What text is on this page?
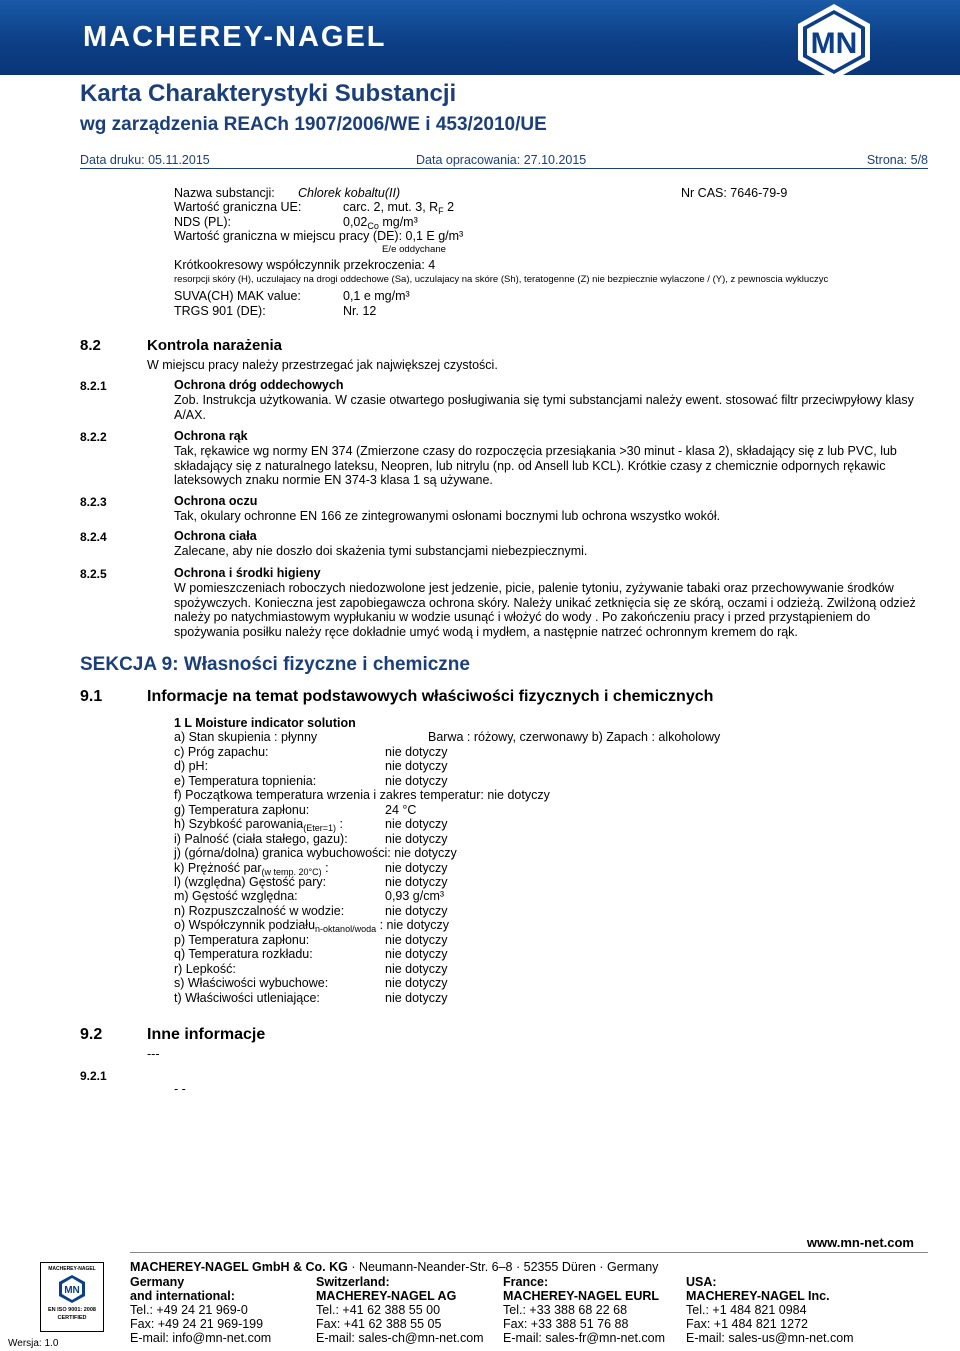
MACHEREY-NAGEL	MN
Karta Charakterystyki Substancji
wg zarządzenia REACh 1907/2006/WE i 453/2010/UE
Data druku: 05.11.2015	Data opracowania: 27.10.2015	Strona: 5/8
Nazwa substancji: Chlorek kobaltu(II)	Nr CAS: 7646-79-9
Wartość graniczna UE:	carc. 2, mut. 3, $R_F$ 2
NDS (PL):	$0,02_{Co}$ mg/m³
Wartość graniczna w miejscu pracy (DE): 0,1 E g/m³
E/e oddychane
Krótkookresowy współczynnik przekroczenia: 4
resorpcji skóry (H), uczulajacy na drogi oddechowe (Sa), uczulajacy na skóre (Sh), teratogenne (Z) nie bezpiecznie wylaczone / (Y), z pewnoscia wykluczyc
SUVA(CH) MAK value:	0,1 e mg/m³
TRGS 901 (DE):	Nr. 12
8.2	Kontrola narażenia
W miejscu pracy należy przestrzegać jak największej czystości.
8.2.1	Ochrona dróg oddechowych
Zob. Instrukcja użytkowania. W czasie otwartego posługiwania się tymi substancjami należy ewent. stosować filtr przeciwpyłowy klasy A/AX.
8.2.2	Ochrona rąk
Tak, rękawice wg normy EN 374 (Zmierzone czasy do rozpoczęcia przesiąkania >30 minut - klasa 2), składający się z lub PVC, lub składający się z naturalnego lateksu, Neopren, lub nitrylu (np. od Ansell lub KCL). Krótkie czasy z chemicznie odpornych rękawic lateksowych znaku normie EN 374-3 klasa 1 są używane.
8.2.3	Ochrona oczu
Tak, okulary ochronne EN 166 ze zintegrowanymi osłonami bocznymi lub ochrona wszystko wokół.
8.2.4	Ochrona ciała
Zalecane, aby nie doszło doi skażenia tymi substancjami niebezpiecznymi.
8.2.5	Ochrona i środki higieny
W pomieszczeniach roboczych niedozwolone jest jedzenie, picie, palenie tytoniu, zyżywanie tabaki oraz przechowywanie środków spożywczych. Konieczna jest zapobiegawcza ochrona skóry. Należy unikać zetknięcia się ze skórą, oczami i odzieżą. Zwilżoną odzież należy po natychmiastowym wypłukaniu w wodzie usunąć i włożyć do wody . Po zakończeniu pracy i przed przystąpieniem do spożywania posiłku należy ręce dokładnie umyć wodą i mydłem, a następnie natrzeć ochronnym kremem do rąk.
SEKCJA 9: Własności fizyczne i chemiczne
9.1	Informacje na temat podstawowych właściwości fizycznych i chemicznych
1 L Moisture indicator solution
a) Stan skupienia : płynny	Barwa : różowy, czerwonawy b) Zapach : alkoholowy
c) Próg zapachu:	nie dotyczy
d) pH:	nie dotyczy
e) Temperatura topnienia:	nie dotyczy
f) Początkowa temperatura wrzenia i zakres temperatur: nie dotyczy
g) Temperatura zapłonu:	24 °C
h) Szybkość parowania$_{(Eter=1)}$ :	nie dotyczy
i) Palność (ciała stałego, gazu):	nie dotyczy
j) (górna/dolna) granica wybuchowości: nie dotyczy
k) Prężność par$_{(w temp. 20^\circ C)}$ :	nie dotyczy
l) (względna) Gęstość pary:	nie dotyczy
m) Gęstość względna:	0,93 g/cm³
n) Rozpuszczalność w wodzie:	nie dotyczy
o) Współczynnik podziału$_{n-oktanol/woda}$ : nie dotyczy
p) Temperatura zapłonu:	nie dotyczy
q) Temperatura rozkładu:	nie dotyczy
r) Lepkość:	nie dotyczy
s) Właściwości wybuchowe:	nie dotyczy
t) Właściwości utleniające:	nie dotyczy
9.2	Inne informacje
---
9.2.1
- -
www.mn-net.com
MACHEREY-NAGEL GmbH & Co. KG · Neumann-Neander-Str. 6–8 · 52355 Düren · Germany
MACHEREY-NAGEL
MN
EN ISO 9001: 2008
CERTIFIED
Wersja: 1.0
Germany
and international:
Tel.: +49 24 21 969-0
Fax: +49 24 21 969-199
E-mail: info@mn-net.com
Switzerland:
MACHEREY-NAGEL AG
Tel.: +41 62 388 55 00
Fax: +41 62 388 55 05
E-mail: sales-ch@mn-net.com
France:
MACHEREY-NAGEL EURL
Tel.: +33 388 68 22 68
Fax: +33 388 51 76 88
E-mail: sales-fr@mn-net.com
USA:
MACHEREY-NAGEL Inc.
Tel.: +1 484 821 0984
Fax: +1 484 821 1272
E-mail: sales-us@mn-net.com
